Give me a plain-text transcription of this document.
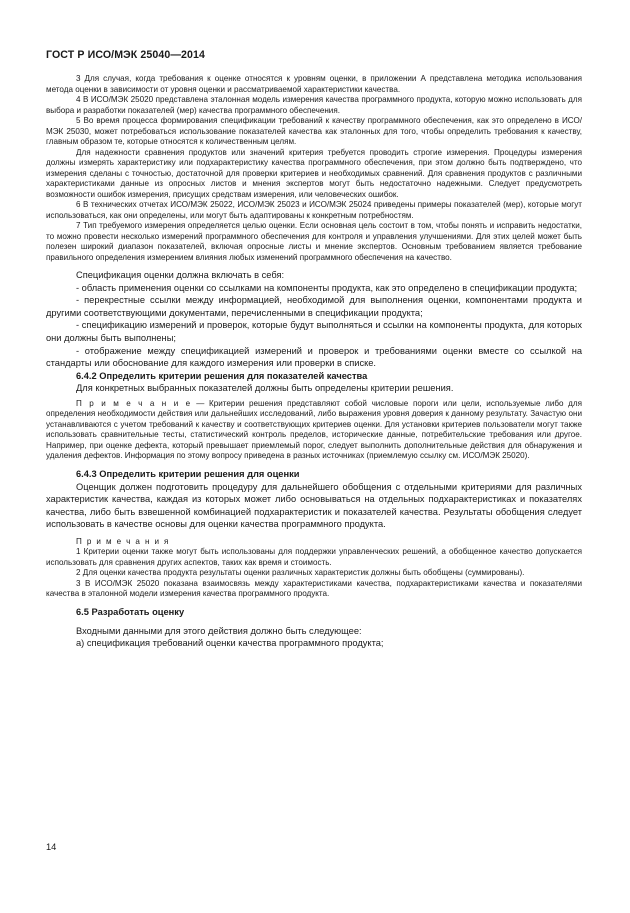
ГОСТ Р ИСО/МЭК 25040—2014

3 Для случая, когда требования к оценке относятся к уровням оценки, в приложении А представлена методика использования метода оценки в зависимости от уровня оценки и рассматриваемой характеристики качества.

4 В ИСО/МЭК 25020 представлена эталонная модель измерения качества программного продукта, которую можно использовать для выбора и разработки показателей (мер) качества программного обеспечения.

5 Во время процесса формирования спецификации требований к качеству программного обеспечения, как это определено в ИСО/МЭК 25030, может потребоваться использование показателей качества как эталонных для того, чтобы определить требования к качеству, главным образом те, которые относятся к количественным целям.

Для надежности сравнения продуктов или значений критерия требуется проводить строгие измерения. Процедуры измерения должны измерять характеристику или подхарактеристику качества программного обеспечения, при этом должно быть подтверждено, что измерения сделаны с точностью, достаточной для проверки критериев и необходимых сравнений. Для сравнения продуктов с различными характеристиками данные из опросных листов и мнения экспертов могут быть недостаточно надежными. Следует предусмотреть возможности ошибок измерения, присущих средствам измерения, или человеческих ошибок.

6 В технических отчетах ИСО/МЭК 25022, ИСО/МЭК 25023 и ИСО/МЭК 25024 приведены примеры показателей (мер), которые могут использоваться, как они определены, или могут быть адаптированы к конкретным потребностям.

7 Тип требуемого измерения определяется целью оценки. Если основная цель состоит в том, чтобы понять и исправить недостатки, то можно провести несколько измерений программного обеспечения для контроля и управления улучшениями. Для этих целей может быть полезен широкий диапазон показателей, включая опросные листы и мнение экспертов. Основным требованием является требование правильного определения измерением влияния любых изменений программного обеспечения на качество.

Спецификация оценки должна включать в себя:

- область применения оценки со ссылками на компоненты продукта, как это определено в спецификации продукта;

- перекрестные ссылки между информацией, необходимой для выполнения оценки, компонентами продукта и другими соответствующими документами, перечисленными в спецификации продукта;

- спецификацию измерений и проверок, которые будут выполняться и ссылки на компоненты продукта, для которых они должны быть выполнены;

- отображение между спецификацией измерений и проверок и требованиями оценки вместе со ссылкой на стандарты или обоснование для каждого измерения или проверки в списке.

6.4.2 Определить критерии решения для показателей качества

Для конкретных выбранных показателей должны быть определены критерии решения.

П р и м е ч а н и е — Критерии решения представляют собой числовые пороги или цели, используемые либо для определения необходимости действия или дальнейших исследований, либо выражения уровня доверия к данному результату. Зачастую они устанавливаются с учетом требований к качеству и соответствующих критериев оценки. Для установки критериев пользователи могут также использовать сравнительные тесты, статистический контроль пределов, исторические данные, потребительские требования или другое. Например, при оценке дефекта, который превышает приемлемый порог, следует выполнить дополнительные действия для обнаружения и удаления дефектов. Информация по этому вопросу приведена в разных источниках (приемлемую ссылку см. ИСО/МЭК 25020).

6.4.3 Определить критерии решения для оценки

Оценщик должен подготовить процедуру для дальнейшего обобщения с отдельными критериями для различных характеристик качества, каждая из которых может либо основываться на отдельных подхарактеристиках и показателях качества, либо быть взвешенной комбинацией подхарактеристик и показателей качества. Результаты обобщения следует использовать в качестве основы для оценки качества программного продукта.

П р и м е ч а н и я

1 Критерии оценки также могут быть использованы для поддержки управленческих решений, а обобщенное качество допускается использовать для сравнения других аспектов, таких как время и стоимость.

2 Для оценки качества продукта результаты оценки различных характеристик должны быть обобщены (суммированы).

3 В ИСО/МЭК 25020 показана взаимосвязь между характеристиками качества, подхарактеристиками качества и показателями качества в эталонной модели измерения качества программного продукта.

6.5 Разработать оценку

Входными данными для этого действия должно быть следующее:

а) спецификация требований оценки качества программного продукта;

14
